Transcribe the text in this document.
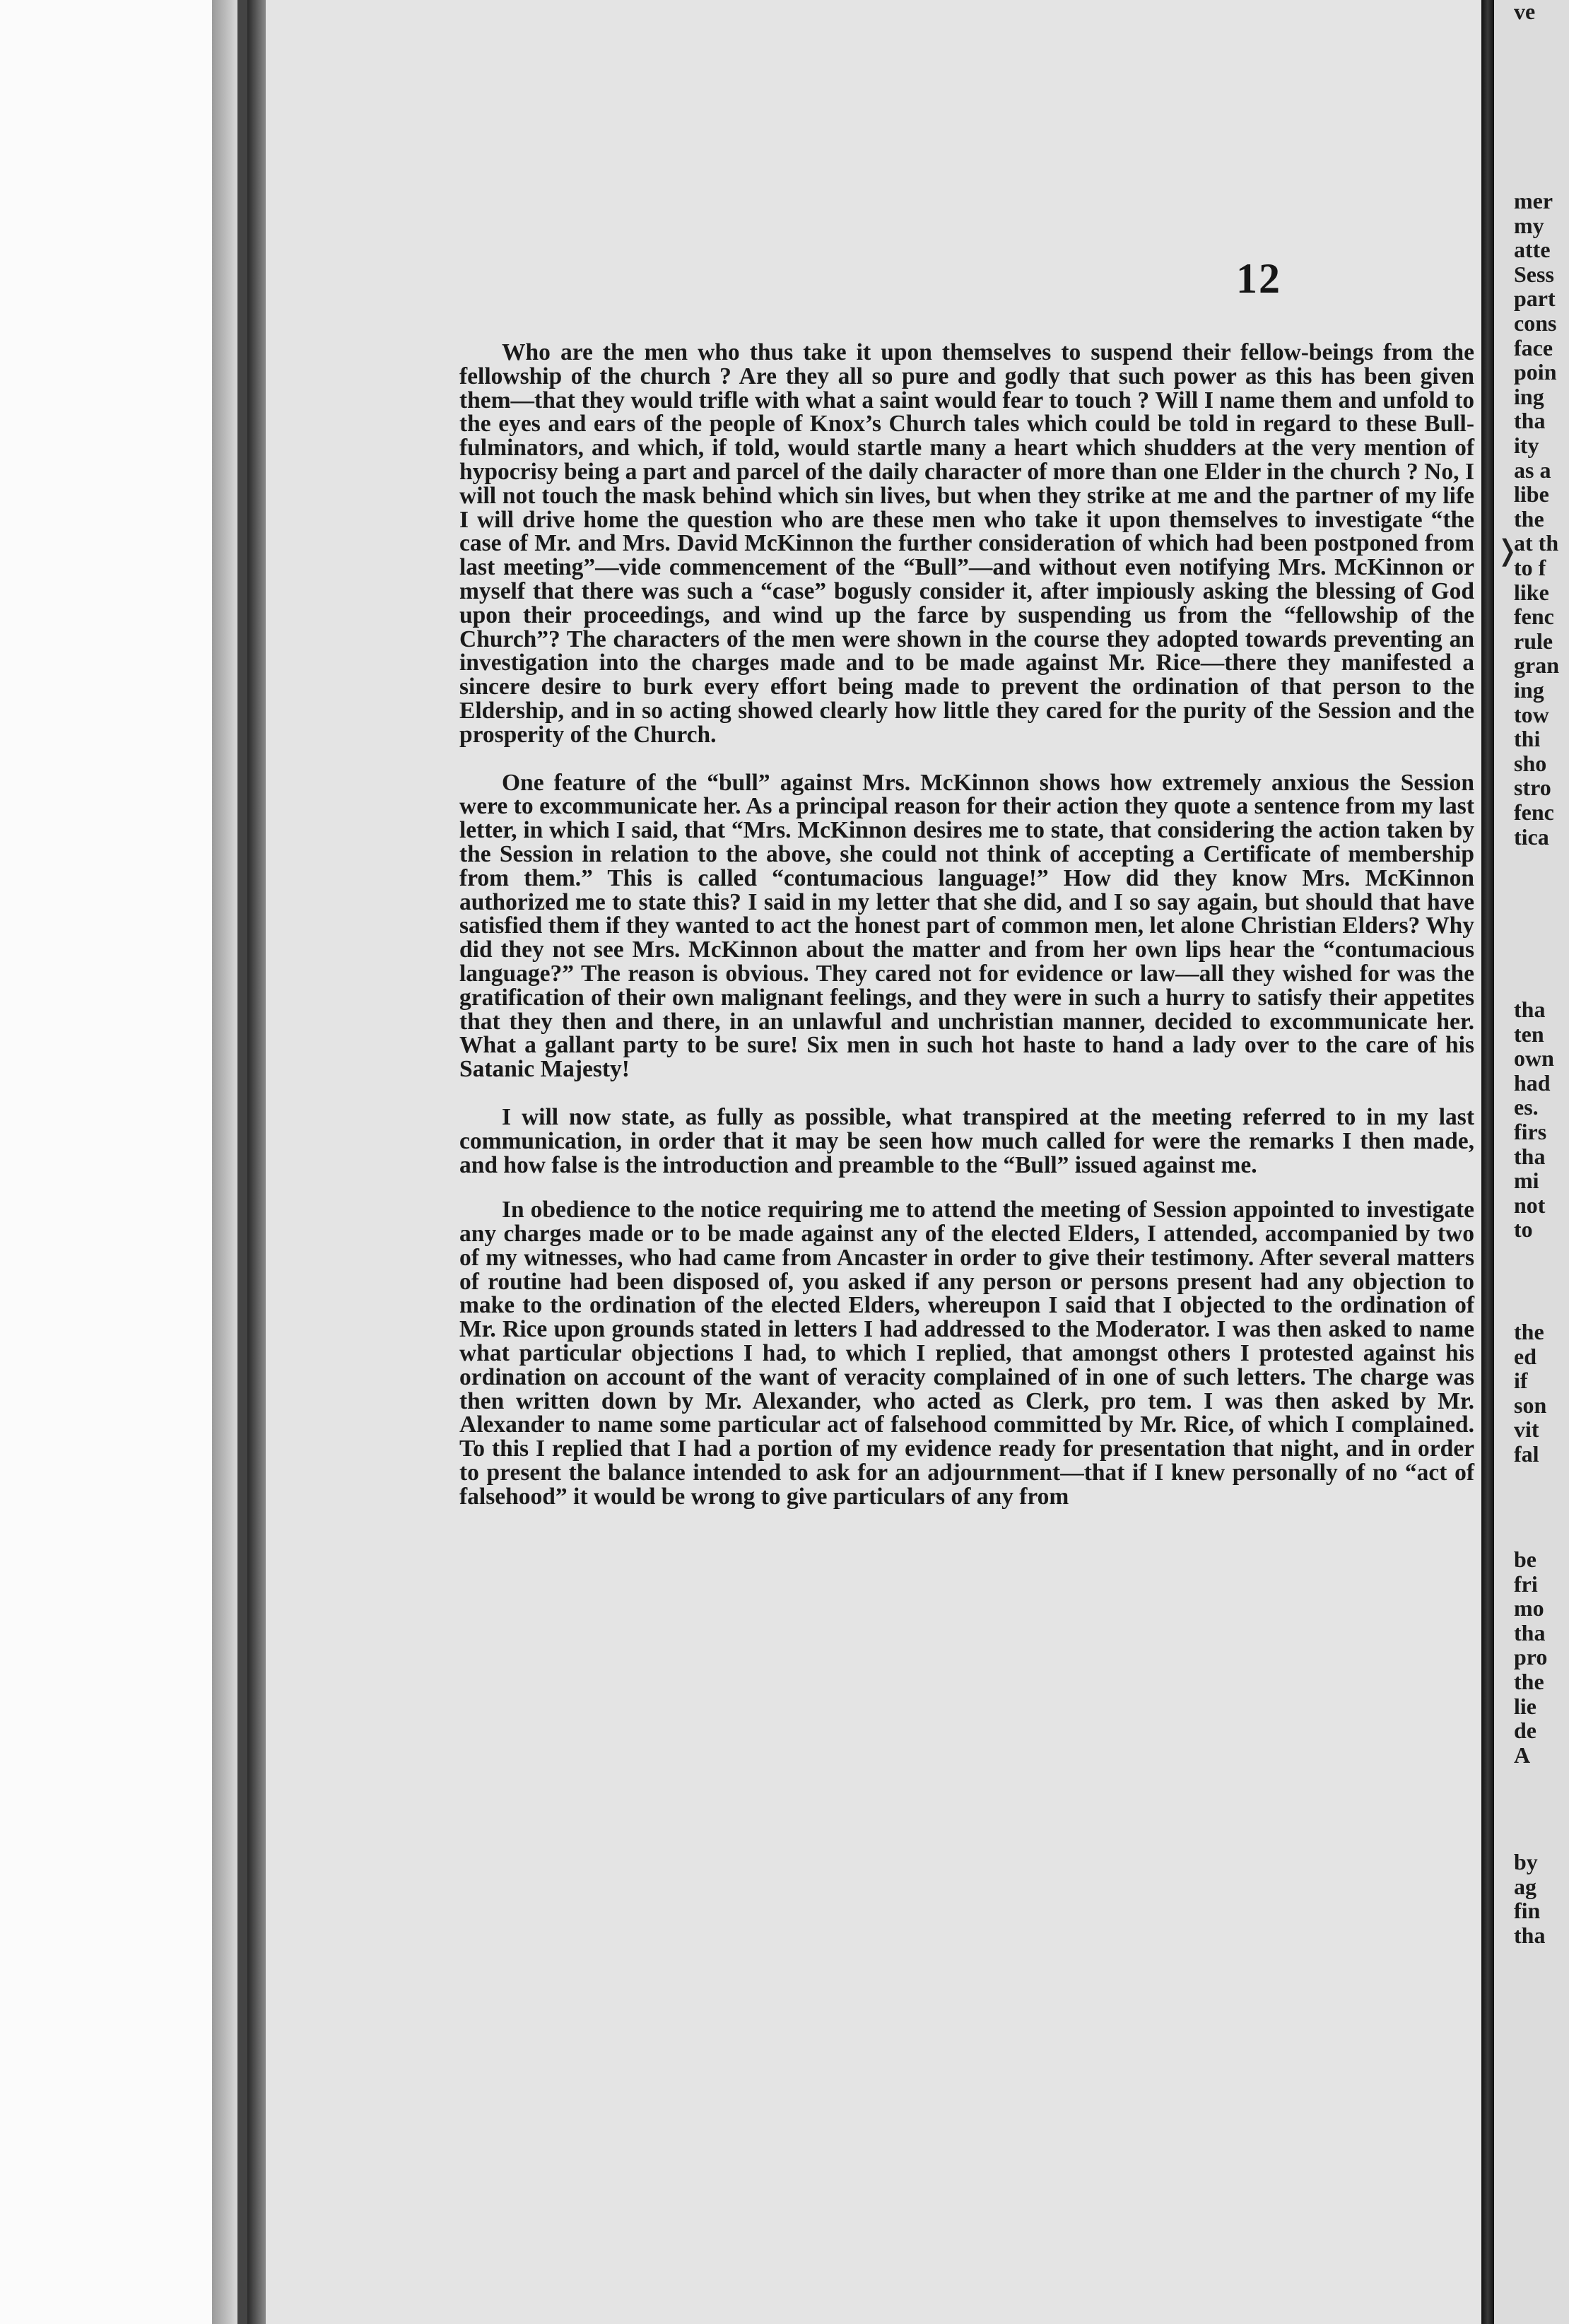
12

Who are the men who thus take it upon themselves to suspend their fellow-beings from the fellowship of the church ? Are they all so pure and godly that such power as this has been given them—that they would trifle with what a saint would fear to touch ? Will I name them and unfold to the eyes and ears of the people of Knox’s Church tales which could be told in regard to these Bull-fulminators, and which, if told, would startle many a heart which shudders at the very mention of hypocrisy being a part and parcel of the daily character of more than one Elder in the church ? No, I will not touch the mask behind which sin lives, but when they strike at me and the partner of my life I will drive home the question who are these men who take it upon themselves to investigate “the case of Mr. and Mrs. David McKinnon the further consideration of which had been postponed from last meeting”—vide commencement of the “Bull”—and without even notifying Mrs. McKinnon or myself that there was such a “case” bogusly consider it, after impiously asking the blessing of God upon their proceedings, and wind up the farce by suspending us from the “fellowship of the Church”? The characters of the men were shown in the course they adopted towards preventing an investigation into the charges made and to be made against Mr. Rice—there they manifested a sincere desire to burk every effort being made to prevent the ordination of that person to the Eldership, and in so acting showed clearly how little they cared for the purity of the Session and the prosperity of the Church.

One feature of the “bull” against Mrs. McKinnon shows how extremely anxious the Session were to excommunicate her. As a principal reason for their action they quote a sentence from my last letter, in which I said, that “Mrs. McKinnon desires me to state, that considering the action taken by the Session in relation to the above, she could not think of accepting a Certificate of membership from them.” This is called “contumacious language!” How did they know Mrs. McKinnon authorized me to state this? I said in my letter that she did, and I so say again, but should that have satisfied them if they wanted to act the honest part of common men, let alone Christian Elders? Why did they not see Mrs. McKinnon about the matter and from her own lips hear the “contumacious language?” The reason is obvious. They cared not for evidence or law—all they wished for was the gratification of their own malignant feelings, and they were in such a hurry to satisfy their appetites that they then and there, in an unlawful and unchristian manner, decided to excommunicate her. What a gallant party to be sure! Six men in such hot haste to hand a lady over to the care of his Satanic Majesty!

I will now state, as fully as possible, what transpired at the meeting referred to in my last communication, in order that it may be seen how much called for were the remarks I then made, and how false is the introduction and preamble to the “Bull” issued against me.

In obedience to the notice requiring me to attend the meeting of Session appointed to investigate any charges made or to be made against any of the elected Elders, I attended, accompanied by two of my witnesses, who had came from Ancaster in order to give their testimony. After several matters of routine had been disposed of, you asked if any person or persons present had any objection to make to the ordination of the elected Elders, whereupon I said that I objected to the ordination of Mr. Rice upon grounds stated in letters I had addressed to the Moderator. I was then asked to name what particular objections I had, to which I replied, that amongst others I protested against his ordination on account of the want of veracity complained of in one of such letters. The charge was then written down by Mr. Alexander, who acted as Clerk, pro tem. I was then asked by Mr. Alexander to name some particular act of falsehood committed by Mr. Rice, of which I complained. To this I replied that I had a portion of my evidence ready for presentation that night, and in order to present the balance intended to ask for an adjournment—that if I knew personally of no “act of falsehood” it would be wrong to give particulars of any from

mer
my
atte
Sess
part
cons
face
poin
ing
tha
ity
as a
libe
the
at th
to f
like
fenc
rule
gran
ing
tow
thi
sho
stro
fenc
tica
tha
ten
own
had
es.
firs
tha
mi
not
to
the
ed
if
son
vit
fal
be
fri
mo
tha
pro
the
lie
de
A
by
ag
fin
tha
ve
❭
